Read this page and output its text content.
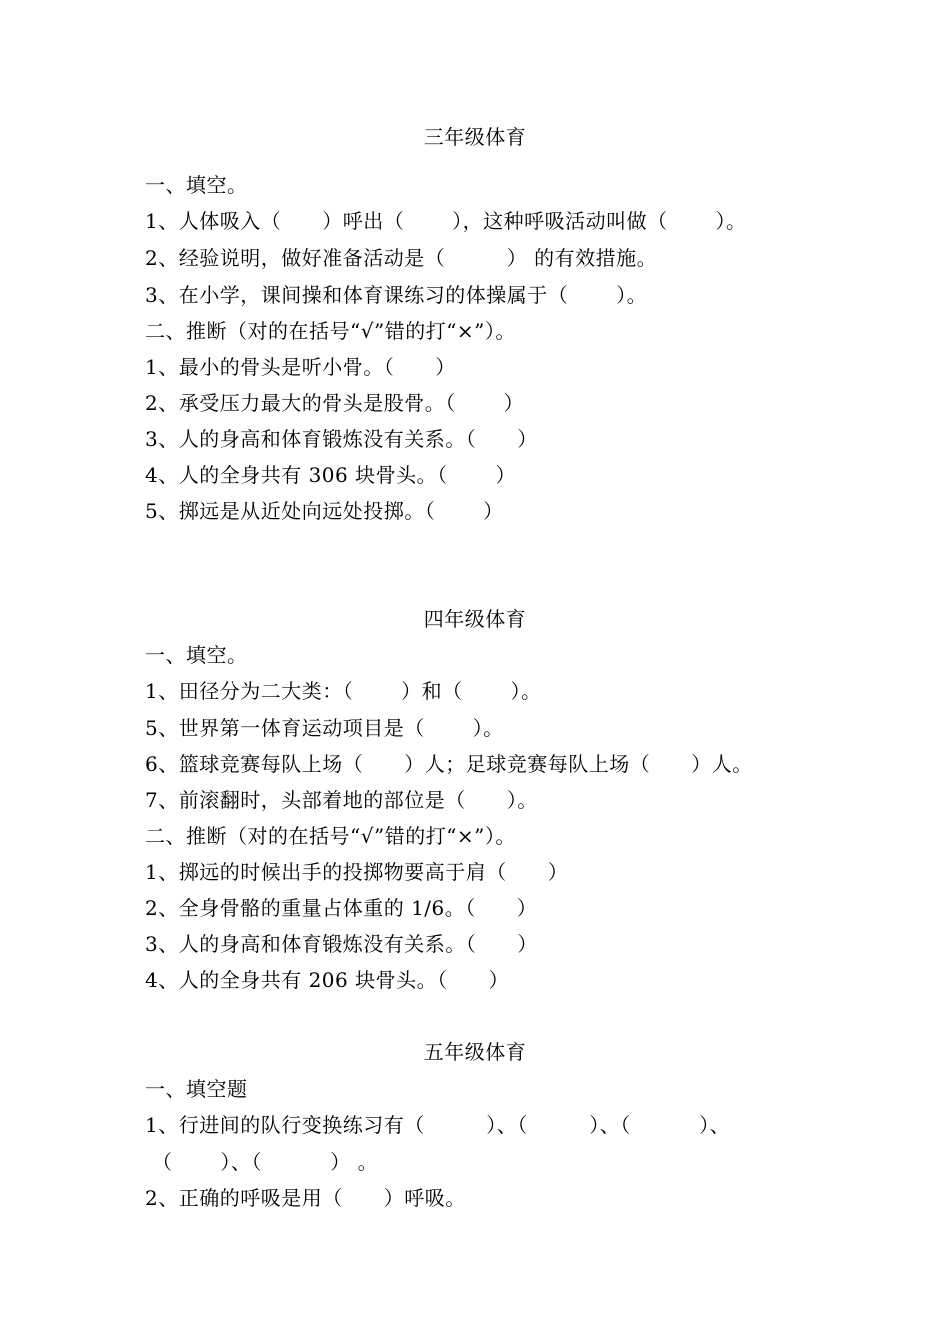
三年级体育
一、填空。
1、人体吸入（　　）呼出（　　 ），这种呼吸活动叫做（　　 ）。
2、经验说明，做好准备活动是（　　　） 的有效措施。
3、在小学，课间操和体育课练习的体操属于（　　 ）。
二、推断（对的在括号“√”错的打“×”）。
1、最小的骨头是听小骨。（　　）
2、承受压力最大的骨头是股骨。（　　 ）
3、人的身高和体育锻炼没有关系。（　　）
4、人的全身共有 306 块骨头。（　　 ）
5、掷远是从近处向远处投掷。（　　 ）
四年级体育
一、填空。
1、田径分为二大类：（　　 ）和（　　 ）。
5、世界第一体育运动项目是（　　 ）。
6、篮球竞赛每队上场（　　）人；足球竞赛每队上场（　　）人。
7、前滚翻时，头部着地的部位是（　　）。
二、推断（对的在括号“√”错的打“×”）。
1、掷远的时候出手的投掷物要高于肩（　　）
2、全身骨骼的重量占体重的 1/6。（　　）
3、人的身高和体育锻炼没有关系。（　　）
4、人的全身共有 206 块骨头。（　　）
五年级体育
一、填空题
1、行进间的队行变换练习有（　　　）、（　　　）、（　　　 ）、
（　　 ）、（　　　 ） 。
2、正确的呼吸是用（　　）呼吸。
